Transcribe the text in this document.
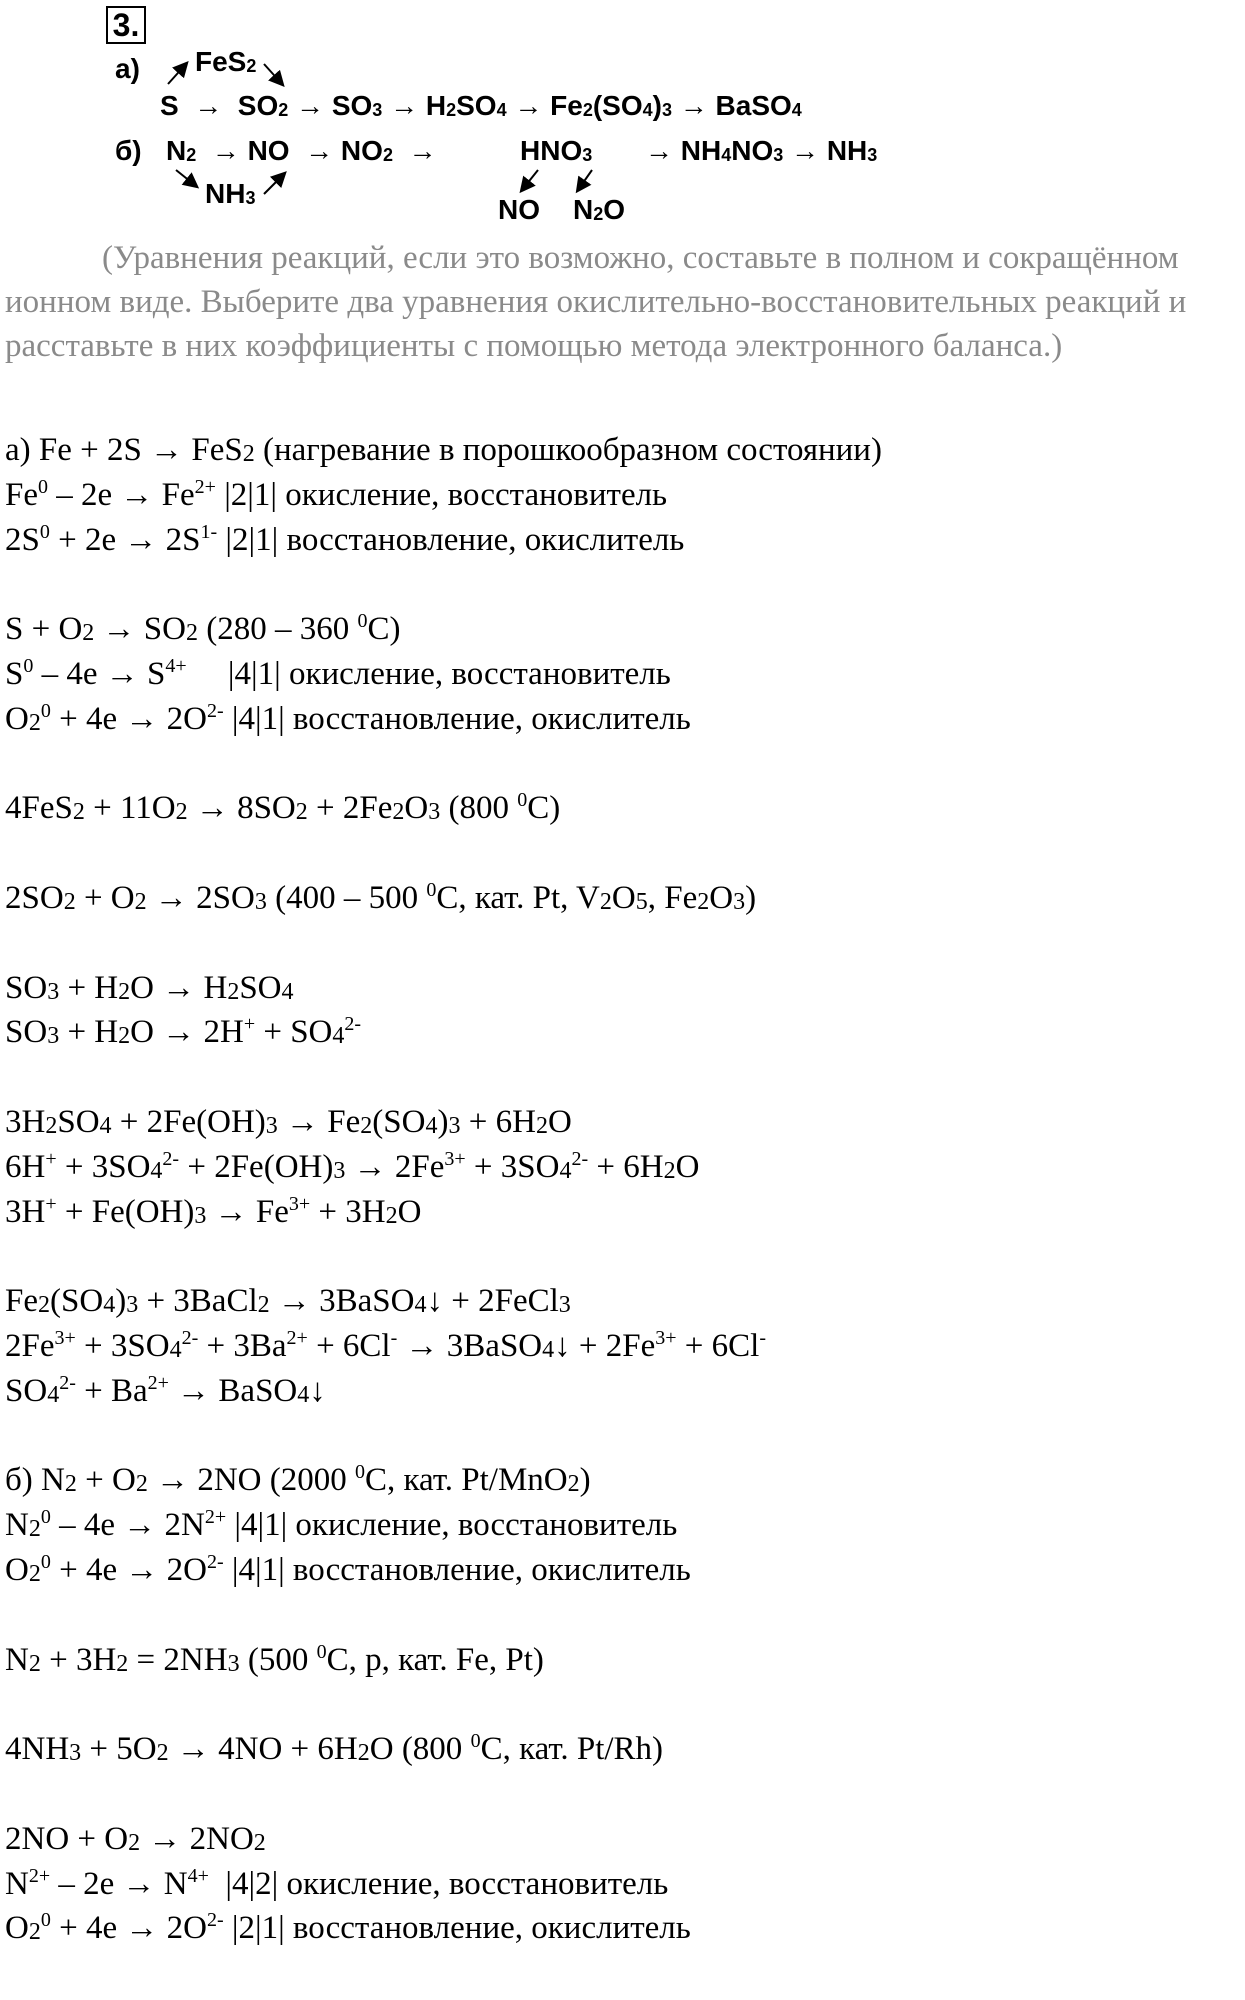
3.
а) FeS$_2$
$S \to SO_2 \to SO_3 \to H_2SO_4 \to Fe_2(SO_4)_3$ → BaSO$_4$
б) $N_2$  → NO  → $NO_2$  →	$HNO_3 \to NH_4NO_3 \to NH_3$
$NH_3$	NO $N_2O$
(Уравнения реакций, если это возможно, составьте в полном и сокращённом ионном виде. Выберите два уравнения окислительно-восстановительных реакций и расставьте в них коэффициенты с помощью метода электронного баланса.)
а) Fe + 2S → FeS$_2$ (нагревание в порошкообразном состоянии)
$Fe^0 - 2e \to Fe^{2+}$ |2|1| окисление, восстановитель
$2S^0 + 2e \to 2S^{1-}$ |2|1| восстановление, окислитель

$S + O_2 \to SO_2$ (280 – 360 $^0$C)
$S^0 - 4e \to S^{4+}$     |4|1| окисление, восстановитель
$O_2^0 + 4e \to 2O^{2-}$ |4|1| восстановление, окислитель

$4FeS_2 + 11O_2 \to 8SO_2 + 2Fe_2O_3$ (800 $^0$C)

$2SO_2 + O_2 \to 2SO_3$ (400 – 500 $^0$C, кат. Pt, $V_2O_5$, $Fe_2O_3$)

$SO_3 + H_2O \to H_2SO_4$
$SO_3 + H_2O \to 2H^+ + SO_4^{2-}$

$3H_2SO_4 + 2Fe(OH)_3 \to Fe_2(SO_4)_3 + 6H_2O$
$6H^+ + 3SO_4^{2-} + 2Fe(OH)_3 \to 2Fe^{3+} + 3SO_4^{2-} + 6H_2O$
$3H^+ + Fe(OH)_3 \to Fe^{3+} + 3H_2O$

$Fe_2(SO_4)_3$ + 3BaCl$_2$ → 3BaSO$_4$↓ + 2FeCl$_3$
$2Fe^{3+} + 3SO_4^{2-} + 3Ba^{2+} + 6Cl^-$ → 3BaSO$_4$↓ + $2Fe^{3+} + 6Cl^-$
$SO_4^{2-} + Ba^{2+}$ → BaSO$_4$↓

б) $N_2 + O_2 \to 2NO$ (2000 $^0$C, кат. Pt/MnO$_2$)
$N_2^0 - 4e \to 2N^{2+}$ |4|1| окисление, восстановитель
$O_2^0 + 4e \to 2O^{2-}$ |4|1| восстановление, окислитель

$N_2 + 3H_2 = 2NH_3$ (500 $^0$C, p, кат. Fe, Pt)

$4NH_3 + 5O_2 \to 4NO + 6H_2O$ (800 $^0$C, кат. Pt/Rh)

$2NO + O_2 \to 2NO_2$
$N^{2+} - 2e \to N^{4+}$  |4|2| окисление, восстановитель
$O_2^0 + 4e \to 2O^{2-}$ |2|1| восстановление, окислитель
